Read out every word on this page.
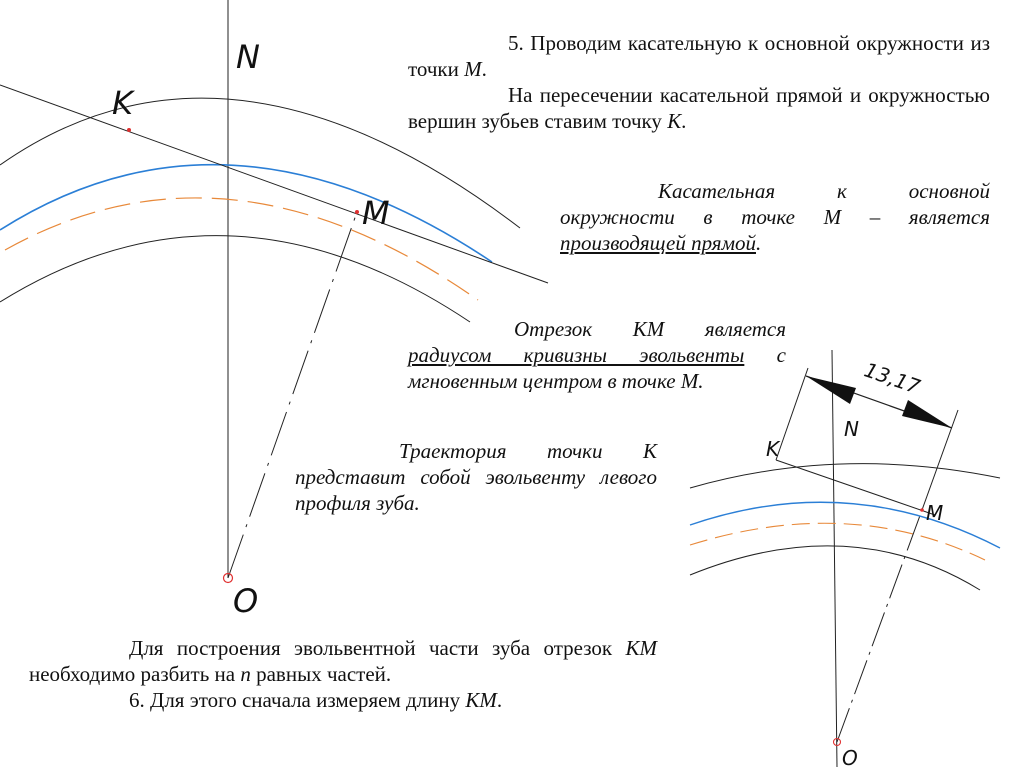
N
K
M
O
13,17
N
K
M
O

5. Проводим касательную к основной окружности из точки М.

На пересечении касательной прямой и окружностью вершин зубьев ставим точку К.

Касательная к основной окружности в точке М – является производящей прямой.

Отрезок КМ является радиусом кривизны эвольвенты с мгновенным центром в точке М.

Траектория точки К представит собой эвольвенту левого профиля зуба.

Для построения эвольвентной части зуба отрезок КМ необходимо разбить на n равных частей.

6. Для этого сначала измеряем длину КМ.
